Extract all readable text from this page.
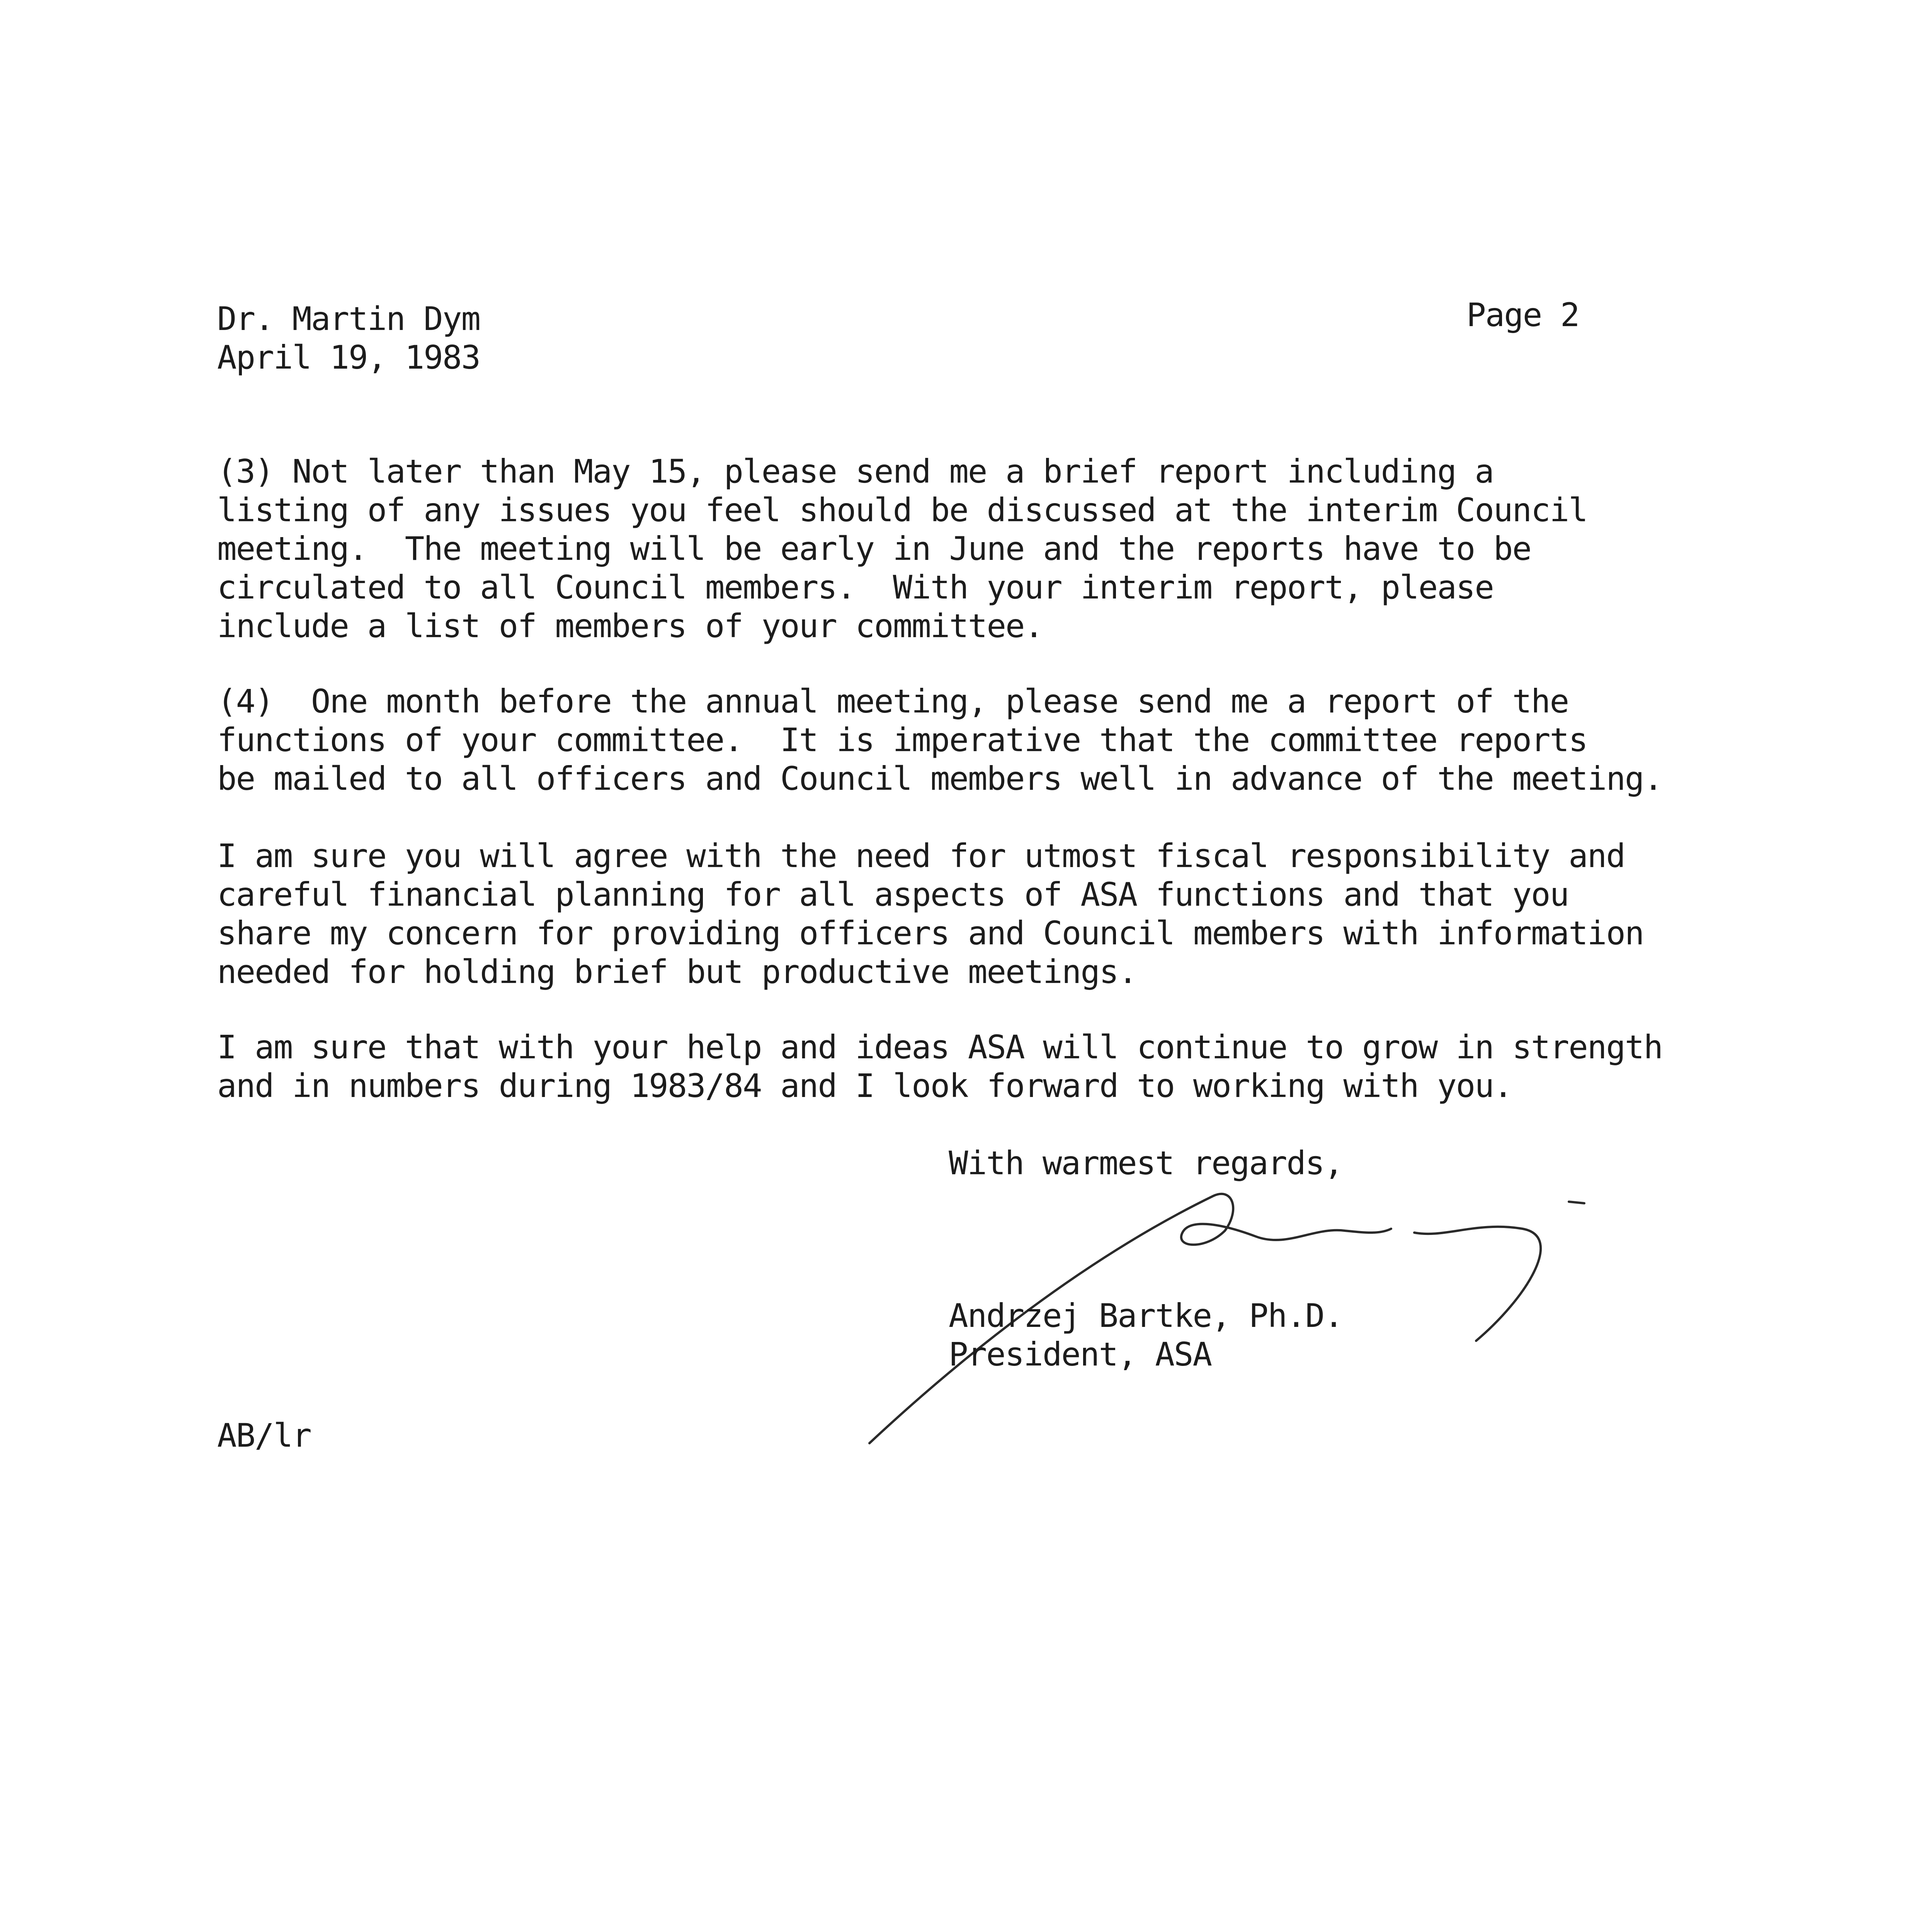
Dr. Martin Dym
April 19, 1983
Page 2
(3) Not later than May 15, please send me a brief report including a
listing of any issues you feel should be discussed at the interim Council
meeting.  The meeting will be early in June and the reports have to be
circulated to all Council members.  With your interim report, please
include a list of members of your committee.
(4)  One month before the annual meeting, please send me a report of the
functions of your committee.  It is imperative that the committee reports
be mailed to all officers and Council members well in advance of the meeting.
I am sure you will agree with the need for utmost fiscal responsibility and
careful financial planning for all aspects of ASA functions and that you
share my concern for providing officers and Council members with information
needed for holding brief but productive meetings.
I am sure that with your help and ideas ASA will continue to grow in strength
and in numbers during 1983/84 and I look forward to working with you.
With warmest regards,
Andrzej Bartke, Ph.D.
President, ASA
AB/lr
